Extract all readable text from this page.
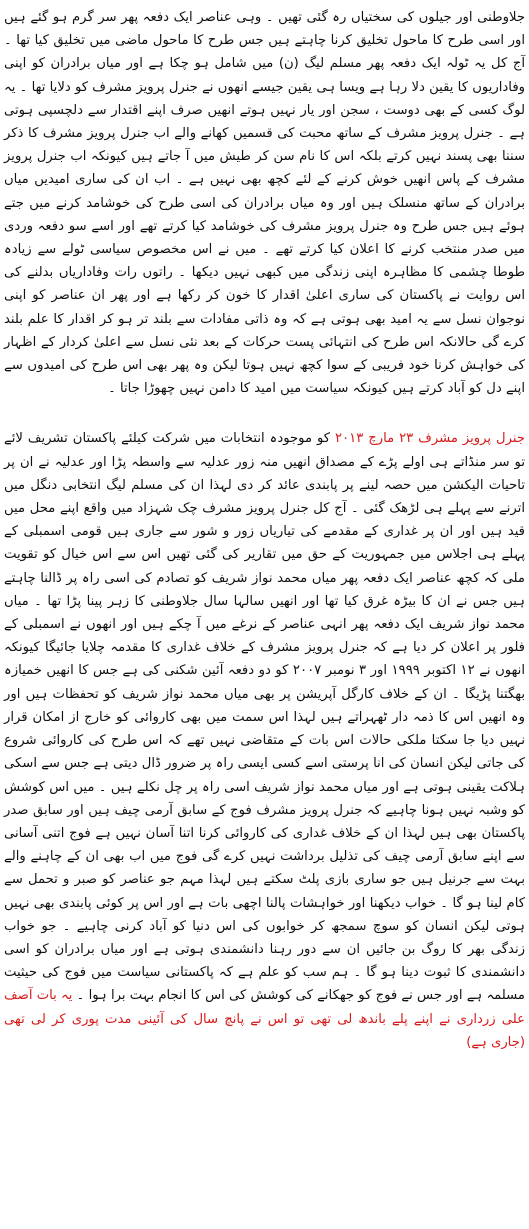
جلاوطنی اور جیلوں کی سختیاں رہ گئی تھیں ۔ وہی عناصر ایک دفعہ پھر سر گرم ہو گئے ہیں اور اسی طرح کا ماحول تخلیق کرنا چاہتے ہیں جس طرح کا ماحول ماضی میں تخلیق کیا تھا ۔ آج کل یہ ٹولہ ایک دفعہ پھر مسلم لیگ (ن) میں شامل ہو چکا ہے اور میاں برادران کو اپنی وفاداریوں کا یقین دلا رہا ہے ویسا ہی یقین جیسے انھوں نے جنرل پرویز مشرف کو دلایا تھا ۔ یہ لوگ کسی کے بھی دوست ، سجن اور یار نہیں ہوتے انھیں صرف اپنے اقتدار سے دلچسپی ہوتی ہے ۔ جنرل پرویز مشرف کے ساتھ محبت کی قسمیں کھانے والے اب جنرل پرویز مشرف کا ذکر سننا بھی پسند نہیں کرتے بلکہ اس کا نام سن کر طیش میں آ جاتے ہیں کیونکہ اب جنرل پرویز مشرف کے پاس انھیں خوش کرنے کے لئے کچھ بھی نہیں ہے ۔ اب ان کی ساری امیدیں میاں برادران کے ساتھ منسلک ہیں اور وہ میاں برادران کی اسی طرح کی خوشامد کرنے میں جتے ہوئے ہیں جس طرح وہ جنرل پرویز مشرف کی خوشامد کیا کرتے تھے اور اسے سو دفعہ وردی میں صدر منتخب کرنے کا اعلان کیا کرتے تھے ۔ میں نے اس مخصوص سیاسی ٹولے سے زیادہ طوطا چشمی کا مظاہرہ اپنی زندگی میں کبھی نہیں دیکھا ۔ راتوں رات وفاداریاں بدلنے کی اس روایت نے پاکستان کی ساری اعلیٰ اقدار کا خون کر رکھا ہے اور پھر ان عناصر کو اپنی نوجوان نسل سے یہ امید بھی ہوتی ہے کہ وہ ذاتی مفادات سے بلند تر ہو کر اقدار کا علم بلند کرے گی حالانکہ اس طرح کی انتہائی پست حرکات کے بعد نئی نسل سے اعلیٰ کردار کے اظہار کی خواہش کرنا خود فریبی کے سوا کچھ نہیں ہوتا لیکن وہ پھر بھی اس طرح کی امیدوں سے اپنے دل کو آباد کرتے ہیں کیونکہ سیاست میں امید کا دامن نہیں چھوڑا جاتا ۔

جنرل پرویز مشرف ۲۳ مارچ ۲۰۱۳ کو موجودہ انتخابات میں شرکت کیلئے پاکستان تشریف لائے تو سر منڈاتے ہی اولے پڑے کے مصداق انھیں منہ زور عدلیہ سے واسطہ پڑا اور عدلیہ نے ان پر تاحیات الیکشن میں حصہ لینے پر پابندی عائد کر دی لہذا ان کی مسلم لیگ انتخابی دنگل میں اترنے سے پہلے ہی لڑھک گئی ۔ آج کل جنرل پرویز مشرف چک شہزاد میں واقع اپنے محل میں قید ہیں اور ان پر غداری کے مقدمے کی تیاریاں زور و شور سے جاری ہیں قومی اسمبلی کے پہلے ہی اجلاس میں جمہوریت کے حق میں تقاریر کی گئی تھیں اس سے اس خیال کو تقویت ملی کہ کچھ عناصر ایک دفعہ پھر میاں محمد نواز شریف کو تصادم کی اسی راہ پر ڈالنا چاہتے ہیں جس نے ان کا بیڑہ غرق کیا تھا اور انھیں سالہا سال جلاوطنی کا زہر پینا پڑا تھا ۔ میاں محمد نواز شریف ایک دفعہ پھر انہی عناصر کے نرغے میں آ چکے ہیں اور انھوں نے اسمبلی کے فلور پر اعلان کر دیا ہے کہ جنرل پرویز مشرف کے خلاف غداری کا مقدمہ چلایا جائیگا کیونکہ انھوں نے ۱۲ اکتوبر ۱۹۹۹ اور ۳ نومبر ۲۰۰۷ کو دو دفعہ آئین شکنی کی ہے جس کا انھیں خمیازہ بھگتنا پڑیگا ۔ ان کے خلاف کارگل آپریشن پر بھی میاں محمد نواز شریف کو تحفظات ہیں اور وہ انھیں اس کا ذمہ دار ٹھہراتے ہیں لہذا اس سمت میں بھی کاروائی کو خارج از امکان قرار نہیں دیا جا سکتا ملکی حالات اس بات کے متقاضی نہیں تھے کہ اس طرح کی کاروائی شروع کی جاتی لیکن انسان کی انا پرستی اسے کسی ایسی راہ پر ضرور ڈال دیتی ہے جس سے اسکی ہلاکت یقینی ہوتی ہے اور میاں محمد نواز شریف اسی راہ پر چل نکلے ہیں ۔ میں اس کوشش کو وشبہ نہیں ہونا چاہیے کہ جنرل پرویز مشرف فوج کے سابق آرمی چیف ہیں اور سابق صدر پاکستان بھی ہیں لہذا ان کے خلاف غداری کی کاروائی کرنا اتنا آسان نہیں ہے فوج اتنی آسانی سے اپنے سابق آرمی چیف کی تذلیل برداشت نہیں کرے گی فوج میں اب بھی ان کے چاہنے والے بہت سے جرنیل ہیں جو ساری بازی پلٹ سکتے ہیں لہذا مہم جو عناصر کو صبر و تحمل سے کام لینا ہو گا ۔ خواب دیکھنا اور خواہشات پالنا اچھی بات ہے اور اس پر کوئی پابندی بھی نہیں ہوتی لیکن انسان کو سوچ سمجھ کر خوابوں کی اس دنیا کو آباد کرنی چاہیے ۔ جو خواب زندگی بھر کا روگ بن جائیں ان سے دور رہنا دانشمندی ہوتی ہے اور میاں برادران کو اسی دانشمندی کا ثبوت دینا ہو گا ۔ ہم سب کو علم ہے کہ پاکستانی سیاست میں فوج کی حیثیت مسلمہ ہے اور جس نے فوج کو جھکانے کی کوشش کی اس کا انجام بہت برا ہوا ۔ یہ بات آصف علی زرداری نے اپنے پلے باندھ لی تھی تو اس نے پانچ سال کی آئینی مدت پوری کر لی تھی (جاری ہے)
